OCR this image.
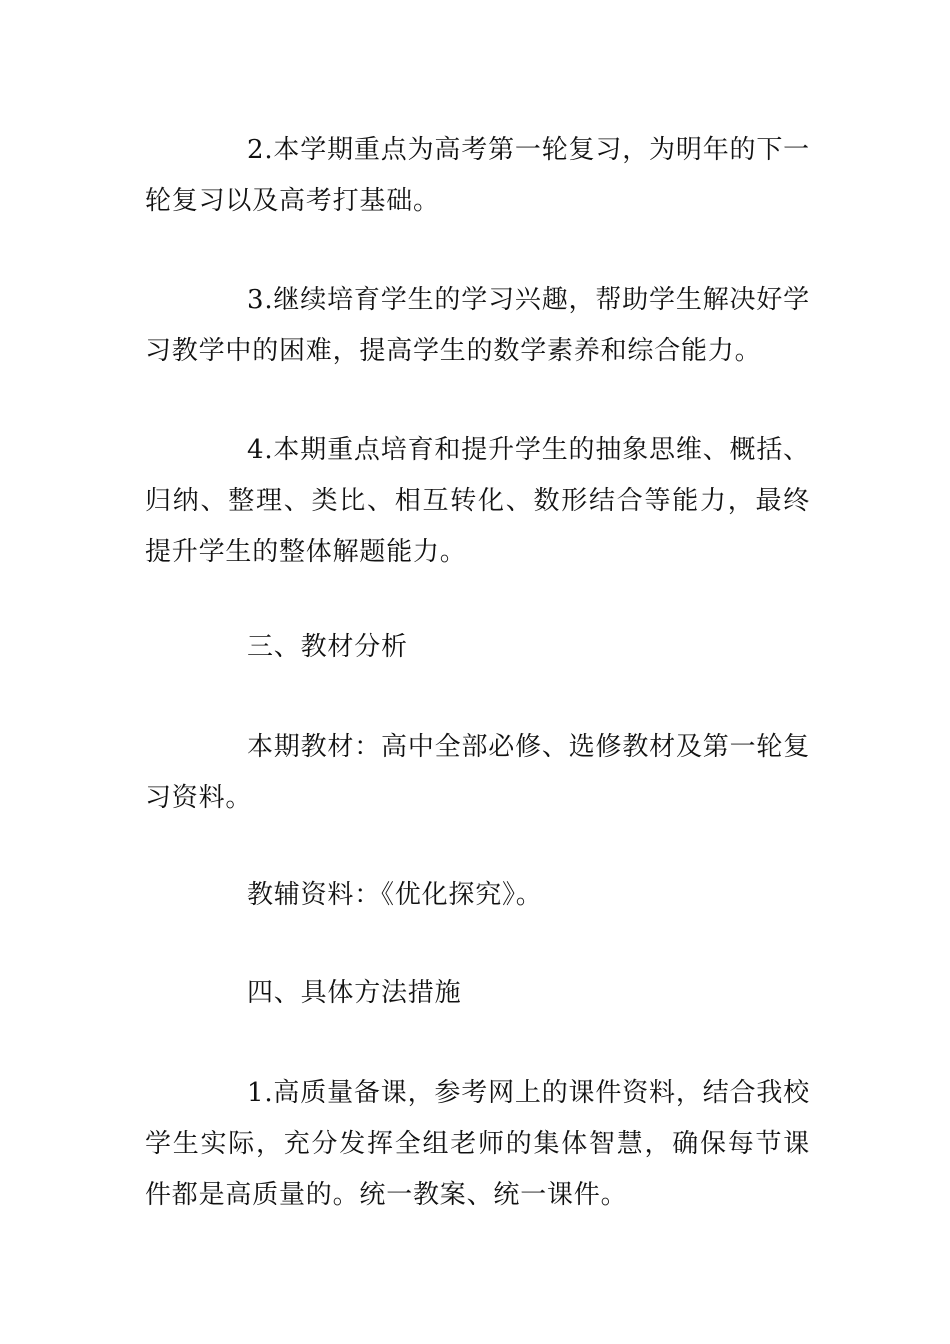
2.本学期重点为高考第一轮复习，为明年的下一轮复习以及高考打基础。

3.继续培育学生的学习兴趣，帮助学生解决好学习教学中的困难，提高学生的数学素养和综合能力。

4.本期重点培育和提升学生的抽象思维、概括、归纳、整理、类比、相互转化、数形结合等能力，最终提升学生的整体解题能力。

三、教材分析

本期教材：高中全部必修、选修教材及第一轮复习资料。

教辅资料：《优化探究》。

四、具体方法措施

1.高质量备课，参考网上的课件资料，结合我校学生实际，充分发挥全组老师的集体智慧，确保每节课件都是高质量的。统一教案、统一课件。
